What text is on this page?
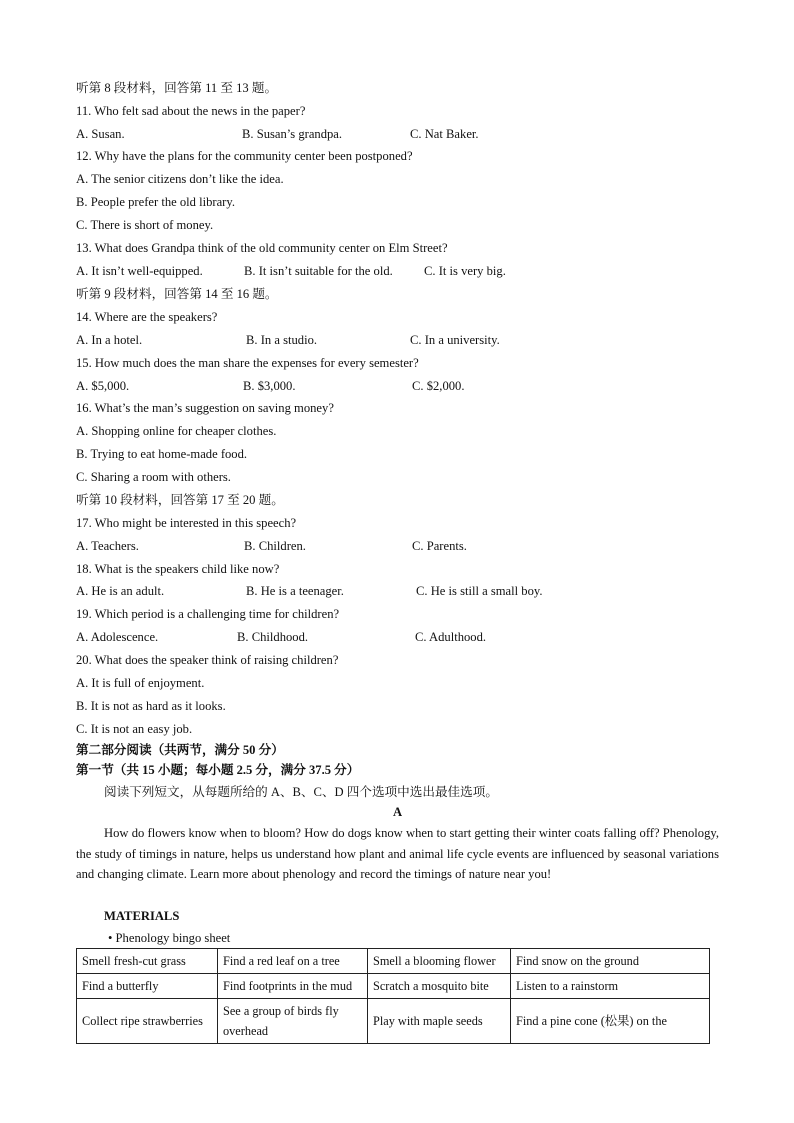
听第 8 段材料，回答第 11 至 13 题。
11. Who felt sad about the news in the paper?
A. Susan.	B. Susan’s grandpa.	C. Nat Baker.
12. Why have the plans for the community center been postponed?
A. The senior citizens don’t like the idea.
B. People prefer the old library.
C. There is short of money.
13. What does Grandpa think of the old community center on Elm Street?
A. It isn’t well-equipped.	B. It isn’t suitable for the old. C. It is very big.
听第 9 段材料，回答第 14 至 16 题。
14. Where are the speakers?
A. In a hotel.	B. In a studio.	C. In a university.
15. How much does the man share the expenses for every semester?
A. $5,000.	B. $3,000.	C. $2,000.
16. What’s the man’s suggestion on saving money?
A. Shopping online for cheaper clothes.
B. Trying to eat home-made food.
C. Sharing a room with others.
听第 10 段材料，回答第 17 至 20 题。
17. Who might be interested in this speech?
A. Teachers.	B. Children.	C. Parents.
18. What is the speakers child like now?
A. He is an adult.	B. He is a teenager.	C. He is still a small boy.
19. Which period is a challenging time for children?
A. Adolescence.	B. Childhood.	C. Adulthood.
20. What does the speaker think of raising children?
A. It is full of enjoyment.
B. It is not as hard as it looks.
C. It is not an easy job.
第二部分阅读（共两节，满分 50 分）
第一节（共 15 小题；每小题 2.5 分，满分 37.5 分）
阅读下列短文，从每题所给的 A、B、C、D 四个选项中选出最佳选项。
A
How do flowers know when to bloom? How do dogs know when to start getting their winter coats falling off? Phenology, the study of timings in nature, helps us understand how plant and animal life cycle events are influenced by seasonal variations and changing climate. Learn more about phenology and record the timings of nature near you!
MATERIALS
• Phenology bingo sheet
Smell fresh-cut grass	Find a red leaf on a tree	Smell a blooming flower	Find snow on the ground
Find a butterfly	Find footprints in the mud	Scratch a mosquito bite	Listen to a rainstorm
Collect ripe strawberries	See a group of birds fly overhead	Play with maple seeds	Find a pine cone (松果) on the
